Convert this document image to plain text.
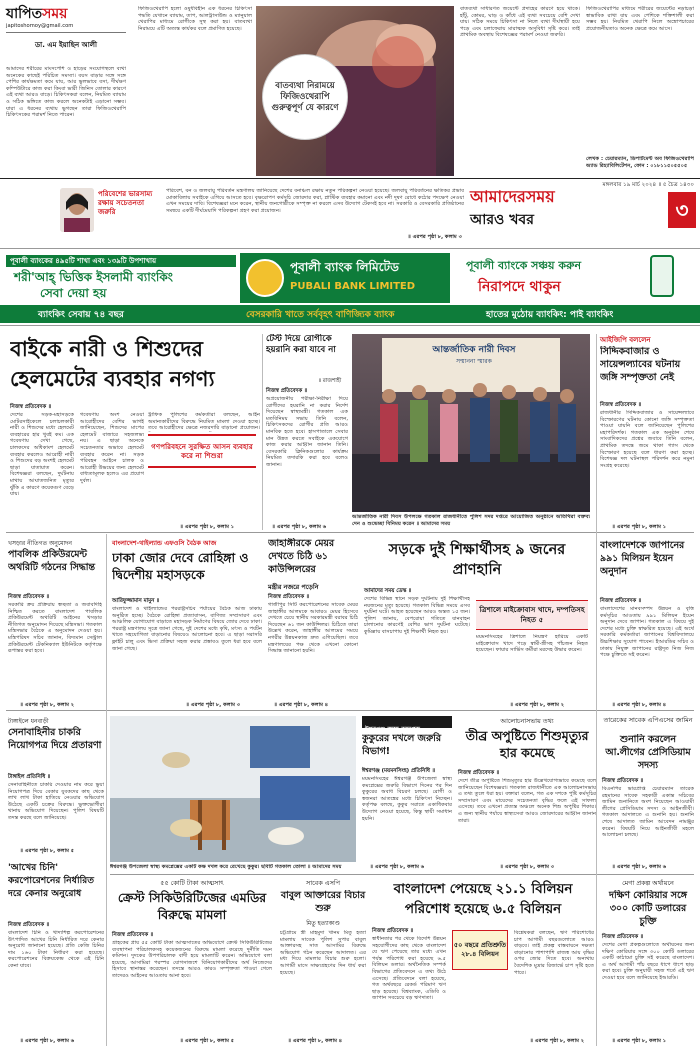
যাপিতসময়
japitoshomoy@gmail.com
ডা. এম ইয়াছিন আলী
আমাদের শরীরের মাংসপেশি ও হাড়ের সংযোগস্থলে ব্যথা অনেকের কাছেই পরিচিত সমস্যা। বয়স বাড়ার সঙ্গে সঙ্গে পেশির কার্যক্ষমতা কমে যায়, আর ভুলভাবে বসা, দীর্ঘক্ষণ কম্পিউটারে কাজ করা কিংবা ভারী জিনিস তোলার কারণে এই ব্যথা আরও বাড়ে। চিকিৎসকরা বলেন, নিয়মিত ব্যায়াম ও সঠিক ভঙ্গিতে কাজ করলে অনেকটাই এড়ানো সম্ভব। যারা এ ধরনের ব্যথায় ভুগছেন তারা ফিজিওথেরাপি চিকিৎসকের পরামর্শ নিতে পারেন।
ফিজিওথেরাপি হলো ওষুধবিহীন এক ধরনের চিকিৎসা পদ্ধতি যেখানে ব্যায়াম, তাপ, আলট্রাসাউন্ড ও ম্যানুয়াল থেরাপির মাধ্যমে রোগীকে সুস্থ করা হয়। বাতব্যথা নিরাময়ে এটি অত্যন্ত কার্যকর বলে প্রমাণিত হয়েছে।
বাতব্যথা নিরাময়ে ফিজিওথেরাপি গুরুত্বপূর্ণ যে কারণে
বাতব্যথা সাধারণত জয়েন্টে প্রদাহের কারণে হয়ে থাকে। হাঁটু, কোমর, ঘাড় ও কাঁধে এই ব্যথা সবচেয়ে বেশি দেখা যায়। সঠিক সময়ে চিকিৎসা না নিলে ব্যথা দীর্ঘস্থায়ী হয়ে পড়ে এবং চলাফেরায় মারাত্মক অসুবিধা সৃষ্টি করে। তাই প্রাথমিক অবস্থায় বিশেষজ্ঞের পরামর্শ নেওয়া জরুরি।
ফিজিওথেরাপির মাধ্যমে শরীরের জয়েন্টের নড়াচড়া স্বাভাবিক রাখা যায় এবং পেশিকে শক্তিশালী করা সম্ভব হয়। নিয়মিত থেরাপি নিলে অস্ত্রোপচারের প্রয়োজনীয়তাও অনেক ক্ষেত্রে কমে আসে।
লেখক : চেয়ারম্যান, ডিপার্টমেন্ট অব ফিজিওথেরাপি অ্যান্ড রিহ্যাবিলিটেশন, ফোন : ০১৮১১৫০৫৫০৫
মঙ্গলবার ১৯ মার্চ ২০২৪ ॥ ৫ চৈত্র ১৪৩০
পরিবেশের ভারসাম্য রক্ষায় সচেতনতা জরুরি
পরিবেশ, বন ও জলবায়ু পরিবর্তন মন্ত্রণালয় জানিয়েছে দেশের বনাঞ্চল রক্ষায় নতুন পরিকল্পনা নেওয়া হয়েছে। জলবায়ু পরিবর্তনের ক্ষতিকর প্রভাব মোকাবিলায় সবাইকে এগিয়ে আসতে হবে। বৃক্ষরোপণ কর্মসূচি জোরদার করা, প্লাস্টিক ব্যবহার কমানো এবং নদী দূষণ রোধে কঠোর পদক্ষেপ নেওয়া এখন সময়ের দাবি। বিশেষজ্ঞরা মনে করেন, স্থানীয় জনগোষ্ঠীকে সম্পৃক্ত না করলে এসব উদ্যোগ টেকসই হবে না। সরকারি ও বেসরকারি প্রতিষ্ঠানের সমন্বয়ে একটি দীর্ঘমেয়াদি পরিকল্পনা গ্রহণ করা প্রয়োজন।
॥ এরপর পৃষ্ঠা ৮, কলাম ৩
আমাদেরসময়
আরও খবর	৩
পূবালী ব্যাংকের ৪৯৫টি শাখা এবং ১৩৯টি উপশাখায়
শরী'আহ্ ভিত্তিক ইসলামী ব্যাংকিং
সেবা দেয়া হয়
পূবালী ব্যাংক লিমিটেড
PUBALI BANK LIMITED
পূবালী ব্যাংকে সঞ্চয় করুন
নিরাপদে থাকুন
ব্যাংকিং সেবায় ৭৪ বছর	বেসরকারি খাতে সর্ববৃহৎ বাণিজ্যিক ব্যাংক	হাতের মুঠোয় ব্যাংকিং: পাই ব্যাংকিং
বাইকে নারী ও শিশুদের হেলমেটের ব্যবহার নগণ্য
নিজস্ব প্রতিবেদক ॥
দেশের সড়ক-মহাসড়কে মোটরসাইকেলে চলাচলকারী নারী ও শিশুদের মধ্যে হেলমেট ব্যবহারের হার খুবই কম। এক গবেষণায় দেখা গেছে, চালকদের অধিকাংশ হেলমেট ব্যবহার করলেও আরোহী নারী ও শিশুদের বড় অংশই হেলমেট ছাড়া যাতায়াত করেন। বিশেষজ্ঞরা বলছেন, দুর্ঘটনায় মাথায় আঘাতজনিত মৃত্যুর ঝুঁকি এ কারণে কয়েকগুণ বেড়ে যায়।
গবেষণায় অংশ নেওয়া আরোহীদের বেশির ভাগই জানিয়েছেন, শিশুদের মাপের হেলমেট বাজারে সহজলভ্য নয়। এ ছাড়া অনেকে সচেতনতার অভাবে হেলমেট ব্যবহার করেন না। সড়ক পরিবহন আইনে চালক ও আরোহী উভয়ের জন্য হেলমেট বাধ্যতামূলক হলেও এর প্রয়োগ দুর্বল।
ট্রাফিক পুলিশের কর্মকর্তারা বলছেন, আইন অমান্যকারীদের বিরুদ্ধে নিয়মিত মামলা দেওয়া হচ্ছে। তবে আরোহীদের ক্ষেত্রে নজরদারি বাড়ানো প্রয়োজন।
গণপরিবহনে সুরক্ষিত আসন ব্যবহার করে না শিশুরা
॥ এরপর পৃষ্ঠা ৮, কলাম ১
টেস্ট দিয়ে রোগীকে হয়রানি করা যাবে না
॥ রাজশাহী
নিজস্ব প্রতিবেদক ॥
অপ্রয়োজনীয় পরীক্ষা-নিরীক্ষা দিয়ে রোগীদের হয়রানি না করার নির্দেশ দিয়েছেন স্বাস্থ্যমন্ত্রী। গতকাল এক মতবিনিময় সভায় তিনি বলেন, চিকিৎসকদের রোগীর প্রতি আরও মানবিক হতে হবে। হাসপাতালে সেবার মান উন্নত করতে সবাইকে একযোগে কাজ করার আহ্বান জানান তিনি। বেসরকারি ক্লিনিকগুলোর কার্যক্রম নিয়মিত তদারকি করা হবে বলেও জানান।
॥ এরপর পৃষ্ঠা ৮, কলাম ৬
আন্তর্জাতিক নারী দিবস
সম্মাননা স্মারক
আন্তর্জাতিক নারী দিবস উপলক্ষে গতকাল রাজধানীতে পুলিশ সদর দপ্তরে আয়োজিত অনুষ্ঠানে অতিথিরা বক্তব্য দেন ও শুভেচ্ছা বিনিময় করেন ॥ আমাদের সময়
আইজিপি বললেন
সিদ্দিকবাজার ও সায়েন্সল্যাবের ঘটনায় জঙ্গি সম্পৃক্ততা নেই
নিজস্ব প্রতিবেদক ॥
রাজধানীর সিদ্দিকবাজার ও সায়েন্সল্যাবে বিস্ফোরণের ঘটনায় কোনো জঙ্গি সম্পৃক্ততা পাওয়া যায়নি বলে জানিয়েছেন পুলিশের মহাপরিদর্শক। গতকাল এক অনুষ্ঠান শেষে সাংবাদিকদের প্রশ্নের জবাবে তিনি বলেন, প্রাথমিক তদন্তে জমে থাকা গ্যাস থেকে বিস্ফোরণ হয়েছে বলে ধারণা করা হচ্ছে। বিশেষজ্ঞ দল ঘটনাস্থল পরিদর্শন করে নমুনা সংগ্রহ করেছে।
॥ এরপর পৃষ্ঠা ৮, কলাম ১
খসড়ার নীতিগত অনুমোদন
পাবলিক প্রকিউরমেন্ট অথরিটি গঠনের সিদ্ধান্ত
নিজস্ব প্রতিবেদক ॥
সরকারি ক্রয় প্রক্রিয়ায় স্বচ্ছতা ও জবাবদিহি নিশ্চিত করতে বাংলাদেশ পাবলিক প্রকিউরমেন্ট অথরিটি আইনের খসড়ার নীতিগত অনুমোদন দিয়েছে মন্ত্রিসভা। গতকাল মন্ত্রিসভার বৈঠকে এ অনুমোদন দেওয়া হয়। মন্ত্রিপরিষদ সচিব জানান, বিদ্যমান সেন্ট্রাল প্রকিউরমেন্ট টেকনিক্যাল ইউনিটকে কর্তৃপক্ষে রূপান্তর করা হবে।
॥ এরপর পৃষ্ঠা ৮, কলাম ২
বাংলাদেশ-থাইল্যান্ড এফওসি বৈঠক আজ
ঢাকা জোর দেবে রোহিঙ্গা ও দ্বিদেশীয় মহাসড়কে
আরিফুজ্জামান মামুন ॥
বাংলাদেশ ও থাইল্যান্ডের পররাষ্ট্রসচিব পর্যায়ের বৈঠক আজ ঢাকায় অনুষ্ঠিত হচ্ছে। বৈঠকে রোহিঙ্গা প্রত্যাবাসন, বাণিজ্য সম্প্রসারণ এবং আঞ্চলিক যোগাযোগ বাড়াতে মহাসড়ক নির্মাণের বিষয়ে জোর দেবে ঢাকা। পররাষ্ট্র মন্ত্রণালয় সূত্রে জানা গেছে, দুই দেশের মধ্যে কৃষি, মৎস্য ও পর্যটন খাতে সহযোগিতা বাড়ানোর বিষয়েও আলোচনা হবে। এ ছাড়া সরাসরি ফ্লাইট চালু এবং ভিসা প্রক্রিয়া সহজ করার প্রস্তাবও তুলে ধরা হবে বলে জানা গেছে।
॥ এরপর পৃষ্ঠা ৮, কলাম ৩
জাহাঙ্গীরকে মেয়র দেখতে চিঠি ৬১ কাউন্সিলরের
মন্ত্রীর নজরে পড়েনি
নিজস্ব প্রতিবেদক ॥
গাজীপুর সিটি করপোরেশনের সাবেক মেয়র জাহাঙ্গীর আলমকে আবারও মেয়র হিসেবে দেখতে চেয়ে স্থানীয় সরকারমন্ত্রী বরাবর চিঠি দিয়েছেন ৬১ জন কাউন্সিলর। চিঠিতে তারা উল্লেখ করেন, জাহাঙ্গীর আলমের সময়ে নগরীর উন্নয়নকাজ দ্রুত এগিয়েছিল। তবে মন্ত্রণালয়ের পক্ষ থেকে এখনো কোনো সিদ্ধান্ত জানানো হয়নি।
॥ এরপর পৃষ্ঠা ৮, কলাম ৪
সড়কে দুই শিক্ষার্থীসহ ৯ জনের প্রাণহানি
আমাদের সময় ডেস্ক ॥
দেশের বিভিন্ন স্থানে সড়ক দুর্ঘটনায় দুই শিক্ষার্থীসহ নয়জনের মৃত্যু হয়েছে। গতকাল বিভিন্ন সময়ে এসব দুর্ঘটনা ঘটে। আহত হয়েছেন আরও অন্তত ১৫ জন। পুলিশ জানায়, বেপরোয়া গতিতে যানবাহন চালানোর কারণেই বেশির ভাগ দুর্ঘটনা ঘটেছে। কুমিল্লায় বাসচাপায় দুই শিক্ষার্থী নিহত হয়।
ত্রিশালে মাইক্রোবাস খাদে, দম্পতিসহ নিহত ৫
ময়মনসিংহের ত্রিশালে নিয়ন্ত্রণ হারিয়ে একটি মাইক্রোবাস খাদে পড়ে স্বামী-স্ত্রীসহ পাঁচজন নিহত হয়েছেন। ফায়ার সার্ভিস কর্মীরা মরদেহ উদ্ধার করেন।
॥ এরপর পৃষ্ঠা ৮, কলাম ২
বাংলাদেশকে জাপানের ৯৯১ মিলিয়ন ইয়েন অনুদান
নিজস্ব প্রতিবেদক ॥
বাংলাদেশের মানবসম্পদ উন্নয়ন ও বৃত্তি কর্মসূচির আওতায় ৯৯১ মিলিয়ন ইয়েন অনুদান দেবে জাপান। গতকাল এ বিষয়ে দুই দেশের মধ্যে চুক্তি স্বাক্ষরিত হয়েছে। এই অর্থে সরকারি কর্মকর্তারা জাপানের বিশ্ববিদ্যালয়ে উচ্চশিক্ষার সুযোগ পাবেন। ইআরডির সচিব ও ঢাকায় নিযুক্ত জাপানের রাষ্ট্রদূত নিজ নিজ পক্ষে চুক্তিতে সই করেন।
॥ এরপর পৃষ্ঠা ৮, কলাম ৪
টাঙ্গাইলে ধনবাড়ী
সেনাবাহিনীর চাকরি নিয়োগপত্র দিয়ে প্রতারণা
টাঙ্গাইল প্রতিনিধি ॥
সেনাবাহিনীতে চাকরি দেওয়ার নাম করে ভুয়া নিয়োগপত্র দিয়ে বেকার যুবকদের কাছ থেকে লাখ লাখ টাকা হাতিয়ে নেওয়ার অভিযোগ উঠেছে একটি চক্রের বিরুদ্ধে। ভুক্তভোগীরা থানায় অভিযোগ দিয়েছেন। পুলিশ বিষয়টি তদন্ত করছে বলে জানিয়েছে।
॥ এরপর পৃষ্ঠা ৮, কলাম ৫
ঈশ্বরগঞ্জ উপজেলা স্বাস্থ্য কমপ্লেক্সের একটি কক্ষ দখল করে রেখেছে কুকুর। ছবিটি গতকাল তোলা ॥ আমাদের সময়
ঈশ্বরগঞ্জ স্বাস্থ্য কমপ্লেক্স
কুকুরের দখলে জরুরি বিভাগ!
ঈশ্বরগঞ্জ (ময়মনসিংহ) প্রতিনিধি ॥
ময়মনসিংহের ঈশ্বরগঞ্জ উপজেলা স্বাস্থ্য কমপ্লেক্সের জরুরি বিভাগে দিনের পর দিন কুকুরের অবাধ বিচরণ চলছে। রোগী ও স্বজনরা আতঙ্কের মধ্যে চিকিৎসা নিচ্ছেন। কর্তৃপক্ষ বলছে, কুকুর সরাতে একাধিকবার উদ্যোগ নেওয়া হয়েছে, কিন্তু স্থায়ী সমাধান হয়নি।
॥ এরপর পৃষ্ঠা ৮, কলাম ৬
আলোচনাসভায় তথ্য
তীব্র অপুষ্টিতে শিশুমৃত্যুর হার কমেছে
নিজস্ব প্রতিবেদক ॥
দেশে তীব্র অপুষ্টিতে শিশুমৃত্যুর হার উল্লেখযোগ্যভাবে কমেছে বলে জানিয়েছেন বিশেষজ্ঞরা। গতকাল রাজধানীতে এক আলোচনাসভায় এ তথ্য তুলে ধরা হয়। বক্তারা বলেন, গত এক দশকে পুষ্টি কর্মসূচির সম্প্রসারণ এবং মায়েদের সচেতনতা বৃদ্ধির ফলে এই সাফল্য এসেছে। তবে এখনো প্রত্যন্ত অঞ্চলে অনেক শিশু অপুষ্টির শিকার। এ জন্য স্থানীয় পর্যায়ে স্বাস্থ্যসেবা আরও জোরদারের আহ্বান জানান তারা।
॥ এরপর পৃষ্ঠা ৮, কলাম ৩
তারেকের সাবেক এপিএসের জামিন
শুনানি করলেন আ.লীগের প্রেসিডিয়াম সদস্য
নিজস্ব প্রতিবেদক ॥
বিএনপির ভারপ্রাপ্ত চেয়ারম্যান তারেক রহমানের সাবেক সহকারী একান্ত সচিবের জামিন শুনানিতে অংশ নিয়েছেন আওয়ামী লীগের প্রেসিডিয়াম সদস্য ও আইনজীবী। গতকাল আদালতে এ শুনানি হয়। শুনানি শেষে আদালত জামিন আবেদন নামঞ্জুর করেন। বিষয়টি নিয়ে আইনজীবী মহলে আলোচনা চলছে।
॥ এরপর পৃষ্ঠা ৮, কলাম ৬
'আখের চিনি' করপোরেশনের নির্ধারিত দরে কেনার অনুরোধ
নিজস্ব প্রতিবেদক ॥
বাংলাদেশ চিনি ও খাদ্যশিল্প করপোরেশনের উৎপাদিত আখের চিনি নির্ধারিত দরে কেনার অনুরোধ জানানো হয়েছে। প্রতি কেজি চিনির দাম ১৬০ টাকা নির্ধারণ করা হয়েছে। করপোরেশনের বিক্রয়কেন্দ্র থেকে এই চিনি কেনা যাবে।
॥ এরপর পৃষ্ঠা ৮, কলাম ৬
৫৫ কোটি টাকা আত্মসাৎ
ক্রেস্ট সিকিউরিটিজের এমডির বিরুদ্ধে মামলা
নিজস্ব প্রতিবেদক ॥
গ্রাহকের প্রায় ৫৫ কোটি টাকা আত্মসাতের অভিযোগে ক্রেস্ট সিকিউরিটিজের ব্যবস্থাপনা পরিচালকসহ কয়েকজনের বিরুদ্ধে মামলা করেছে দুর্নীতি দমন কমিশন। দুদকের উপপরিচালক বাদী হয়ে মামলাটি করেন। অভিযোগে বলা হয়েছে, আসামিরা পরস্পর যোগসাজশে বিনিয়োগকারীদের অর্থ নিজেদের হিসাবে স্থানান্তর করেছেন। তদন্তে আরও কারও সম্পৃক্ততা পাওয়া গেলে তাদেরও আইনের আওতায় আনা হবে।
॥ এরপর পৃষ্ঠা ৮, কলাম ৫
সাবেক এসপি
বাবুল আক্তারের বিচার শুরু
মিতু হত্যাকাণ্ড
চট্টগ্রামে স্ত্রী মাহমুদা খানম মিতু হত্যা মামলায় সাবেক পুলিশ সুপার বাবুল আক্তারসহ সাত আসামির বিরুদ্ধে অভিযোগ গঠন করেছেন আদালত। এর মধ্য দিয়ে মামলার বিচার শুরু হলো। আগামী মাসে সাক্ষ্যগ্রহণের দিন ধার্য করা হয়েছে।
॥ এরপর পৃষ্ঠা ৮, কলাম ৪
বাংলাদেশ পেয়েছে ২১.১ বিলিয়ন পরিশোধ হয়েছে ৬.৫ বিলিয়ন
নিজস্ব প্রতিবেদক ॥
স্বাধীনতার পর থেকে বিদেশি উন্নয়ন সহযোগীদের কাছ থেকে বাংলাদেশ যে ঋণ পেয়েছে তার মধ্যে এখন পর্যন্ত পরিশোধ করা হয়েছে ৬.৫ বিলিয়ন ডলার। অর্থনৈতিক সম্পর্ক বিভাগের প্রতিবেদনে এ তথ্য উঠে এসেছে। প্রতিবেদনে বলা হয়েছে, গত অর্থবছরে রেকর্ড পরিমাণ ঋণ ছাড় হয়েছে। বিশ্বব্যাংক, এডিবি ও জাপান সবচেয়ে বড় ঋণদাতা।
৫০ বছরে প্রতিশ্রুতি ২৮.৪ বিলিয়ন
বিশ্লেষকরা বলছেন, ঋণ পরিশোধের চাপ আগামী বছরগুলোতে আরও বাড়বে। তাই প্রকল্প বাস্তবায়নে দক্ষতা বাড়ানোর পাশাপাশি রাজস্ব আয় বৃদ্ধির ওপর জোর দিতে হবে। অন্যথায় বৈদেশিক মুদ্রার রিজার্ভে চাপ সৃষ্টি হতে পারে।
॥ এরপর পৃষ্ঠা ৮, কলাম ২
মেগা প্রকল্প অর্থায়নে
দক্ষিণ কোরিয়ার সঙ্গে ৩০০ কোটি ডলারের চুক্তি
নিজস্ব প্রতিবেদক ॥
দেশের মেগা প্রকল্পগুলোতে অর্থায়নের জন্য দক্ষিণ কোরিয়ার সঙ্গে ৩০০ কোটি ডলারের একটি কাঠামো চুক্তি সই করেছে বাংলাদেশ। এ অর্থ আগামী পাঁচ বছরে ধাপে ধাপে ছাড় করা হবে। চুক্তি অনুযায়ী সহজ শর্তে এই ঋণ দেওয়া হবে বলে জানিয়েছে ইআরডি।
॥ এরপর পৃষ্ঠা ৮, কলাম ১
